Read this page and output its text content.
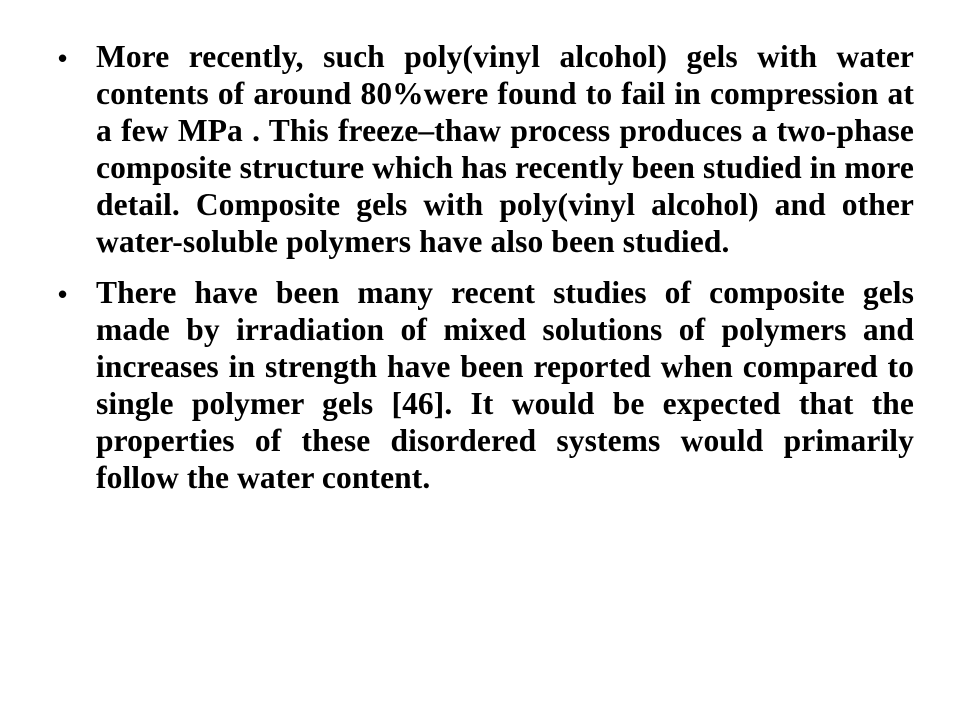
• More recently, such poly(vinyl alcohol) gels with water contents of around 80%were found to fail in compression at a few MPa . This freeze–thaw process produces a two-phase composite structure which has recently been studied in more detail. Composite gels with poly(vinyl alcohol) and other water-soluble polymers have also been studied.
• There have been many recent studies of composite gels made by irradiation of mixed solutions of polymers and increases in strength have been reported when compared to single polymer gels [46]. It would be expected that the properties of these disordered systems would primarily follow the water content.
